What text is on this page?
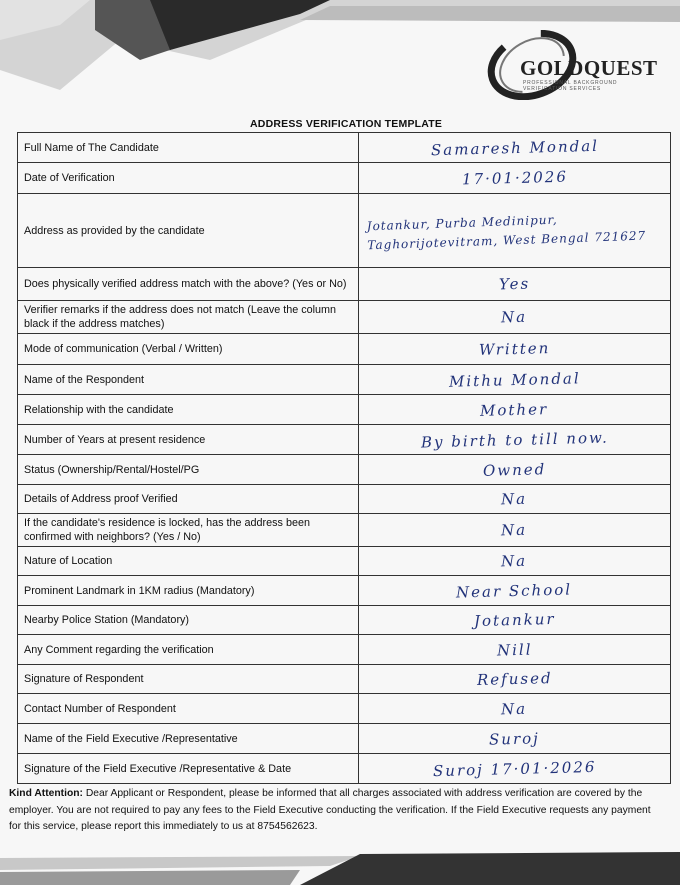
GOLDQUEST
PROFESSIONAL BACKGROUND VERIFICATION SERVICES
ADDRESS VERIFICATION TEMPLATE
Full Name of The Candidate	Samaresh Mondal
Date of Verification	17·01·2026
Address as provided by the candidate	Jotankur, Purba Medinipur, Taghorijotevitram, West Bengal 721627
Does physically verified address match with the above? (Yes or No)	Yes
Verifier remarks if the address does not match (Leave the column black if the address matches)	Na
Mode of communication (Verbal / Written)	Written
Name of the Respondent	Mithu Mondal
Relationship with the candidate	Mother
Number of Years at present residence	By birth to till now.
Status (Ownership/Rental/Hostel/PG	Owned
Details of Address proof Verified	Na
If the candidate's residence is locked, has the address been confirmed with neighbors? (Yes / No)	Na
Nature of Location	Na
Prominent Landmark in 1KM radius (Mandatory)	Near School
Nearby Police Station (Mandatory)	Jotankur
Any Comment regarding the verification	Nill
Signature of Respondent	Refused
Contact Number of Respondent	Na
Name of the Field Executive /Representative	Suroj
Signature of the Field Executive /Representative & Date	Suroj 17·01·2026
Kind Attention: Dear Applicant or Respondent, please be informed that all charges associated with address verification are covered by the employer. You are not required to pay any fees to the Field Executive conducting the verification. If the Field Executive requests any payment for this service, please report this immediately to us at 8754562623.
